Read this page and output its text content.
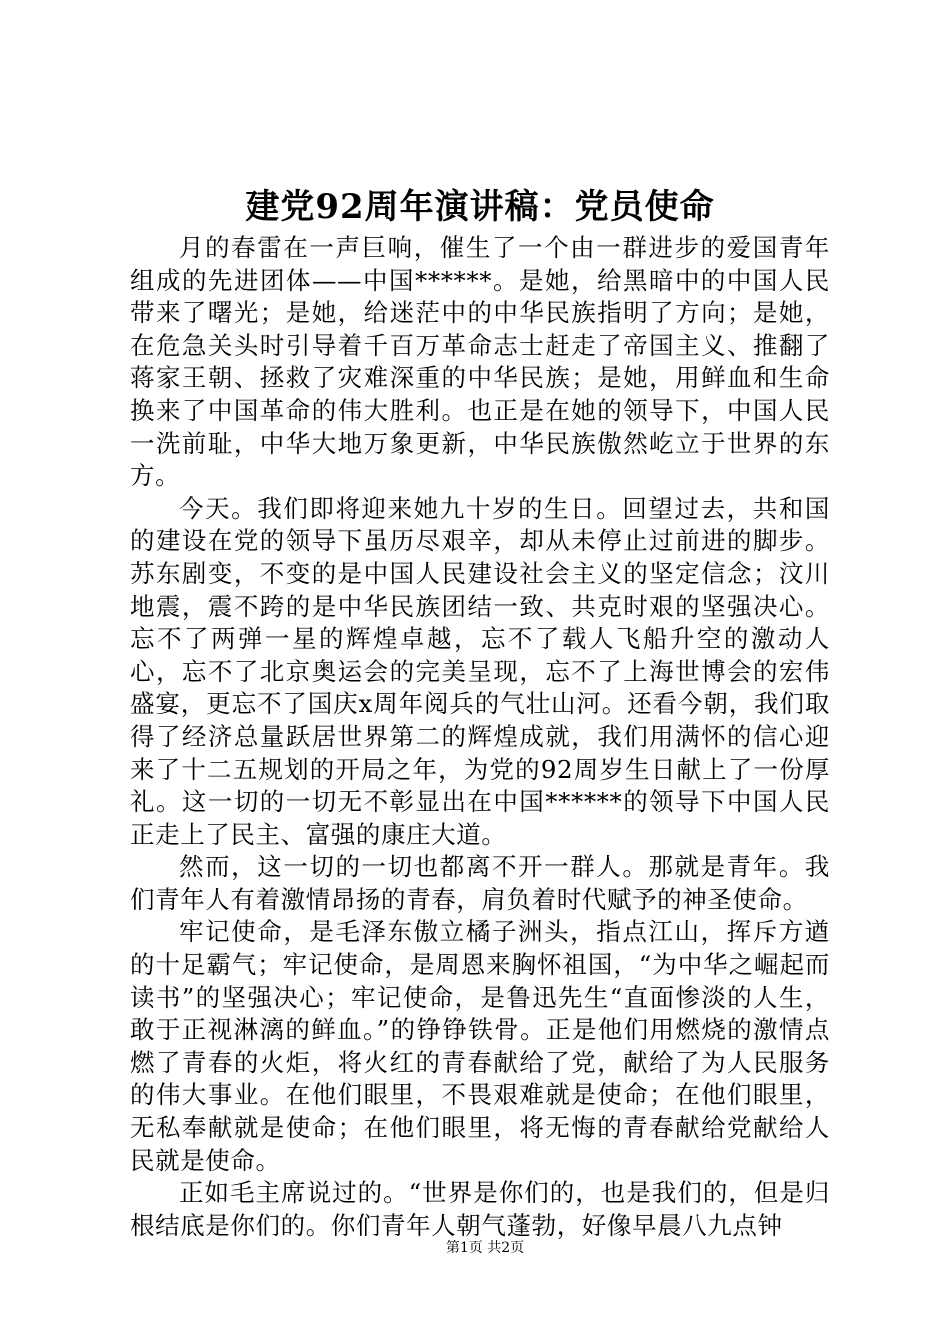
建党92周年演讲稿：党员使命

月的春雷在一声巨响，催生了一个由一群进步的爱国青年组成的先进团体——中国******。是她，给黑暗中的中国人民带来了曙光；是她，给迷茫中的中华民族指明了方向；是她，在危急关头时引导着千百万革命志士赶走了帝国主义、推翻了蒋家王朝、拯救了灾难深重的中华民族；是她，用鲜血和生命换来了中国革命的伟大胜利。也正是在她的领导下，中国人民一洗前耻，中华大地万象更新，中华民族傲然屹立于世界的东方。

今天。我们即将迎来她九十岁的生日。回望过去，共和国的建设在党的领导下虽历尽艰辛，却从未停止过前进的脚步。苏东剧变，不变的是中国人民建设社会主义的坚定信念；汶川地震，震不跨的是中华民族团结一致、共克时艰的坚强决心。忘不了两弹一星的辉煌卓越，忘不了载人飞船升空的激动人心，忘不了北京奥运会的完美呈现，忘不了上海世博会的宏伟盛宴，更忘不了国庆x周年阅兵的气壮山河。还看今朝，我们取得了经济总量跃居世界第二的辉煌成就，我们用满怀的信心迎来了十二五规划的开局之年，为党的92周岁生日献上了一份厚礼。这一切的一切无不彰显出在中国******的领导下中国人民正走上了民主、富强的康庄大道。

然而，这一切的一切也都离不开一群人。那就是青年。我们青年人有着激情昂扬的青春，肩负着时代赋予的神圣使命。

牢记使命，是毛泽东傲立橘子洲头，指点江山，挥斥方遒的十足霸气；牢记使命，是周恩来胸怀祖国，“为中华之崛起而读书”的坚强决心；牢记使命，是鲁迅先生“直面惨淡的人生，敢于正视淋漓的鲜血。”的铮铮铁骨。正是他们用燃烧的激情点燃了青春的火炬，将火红的青春献给了党，献给了为人民服务的伟大事业。在他们眼里，不畏艰难就是使命；在他们眼里，无私奉献就是使命；在他们眼里，将无悔的青春献给党献给人民就是使命。

正如毛主席说过的。“世界是你们的，也是我们的，但是归根结底是你们的。你们青年人朝气蓬勃，好像早晨八九点钟

第1页 共2页
